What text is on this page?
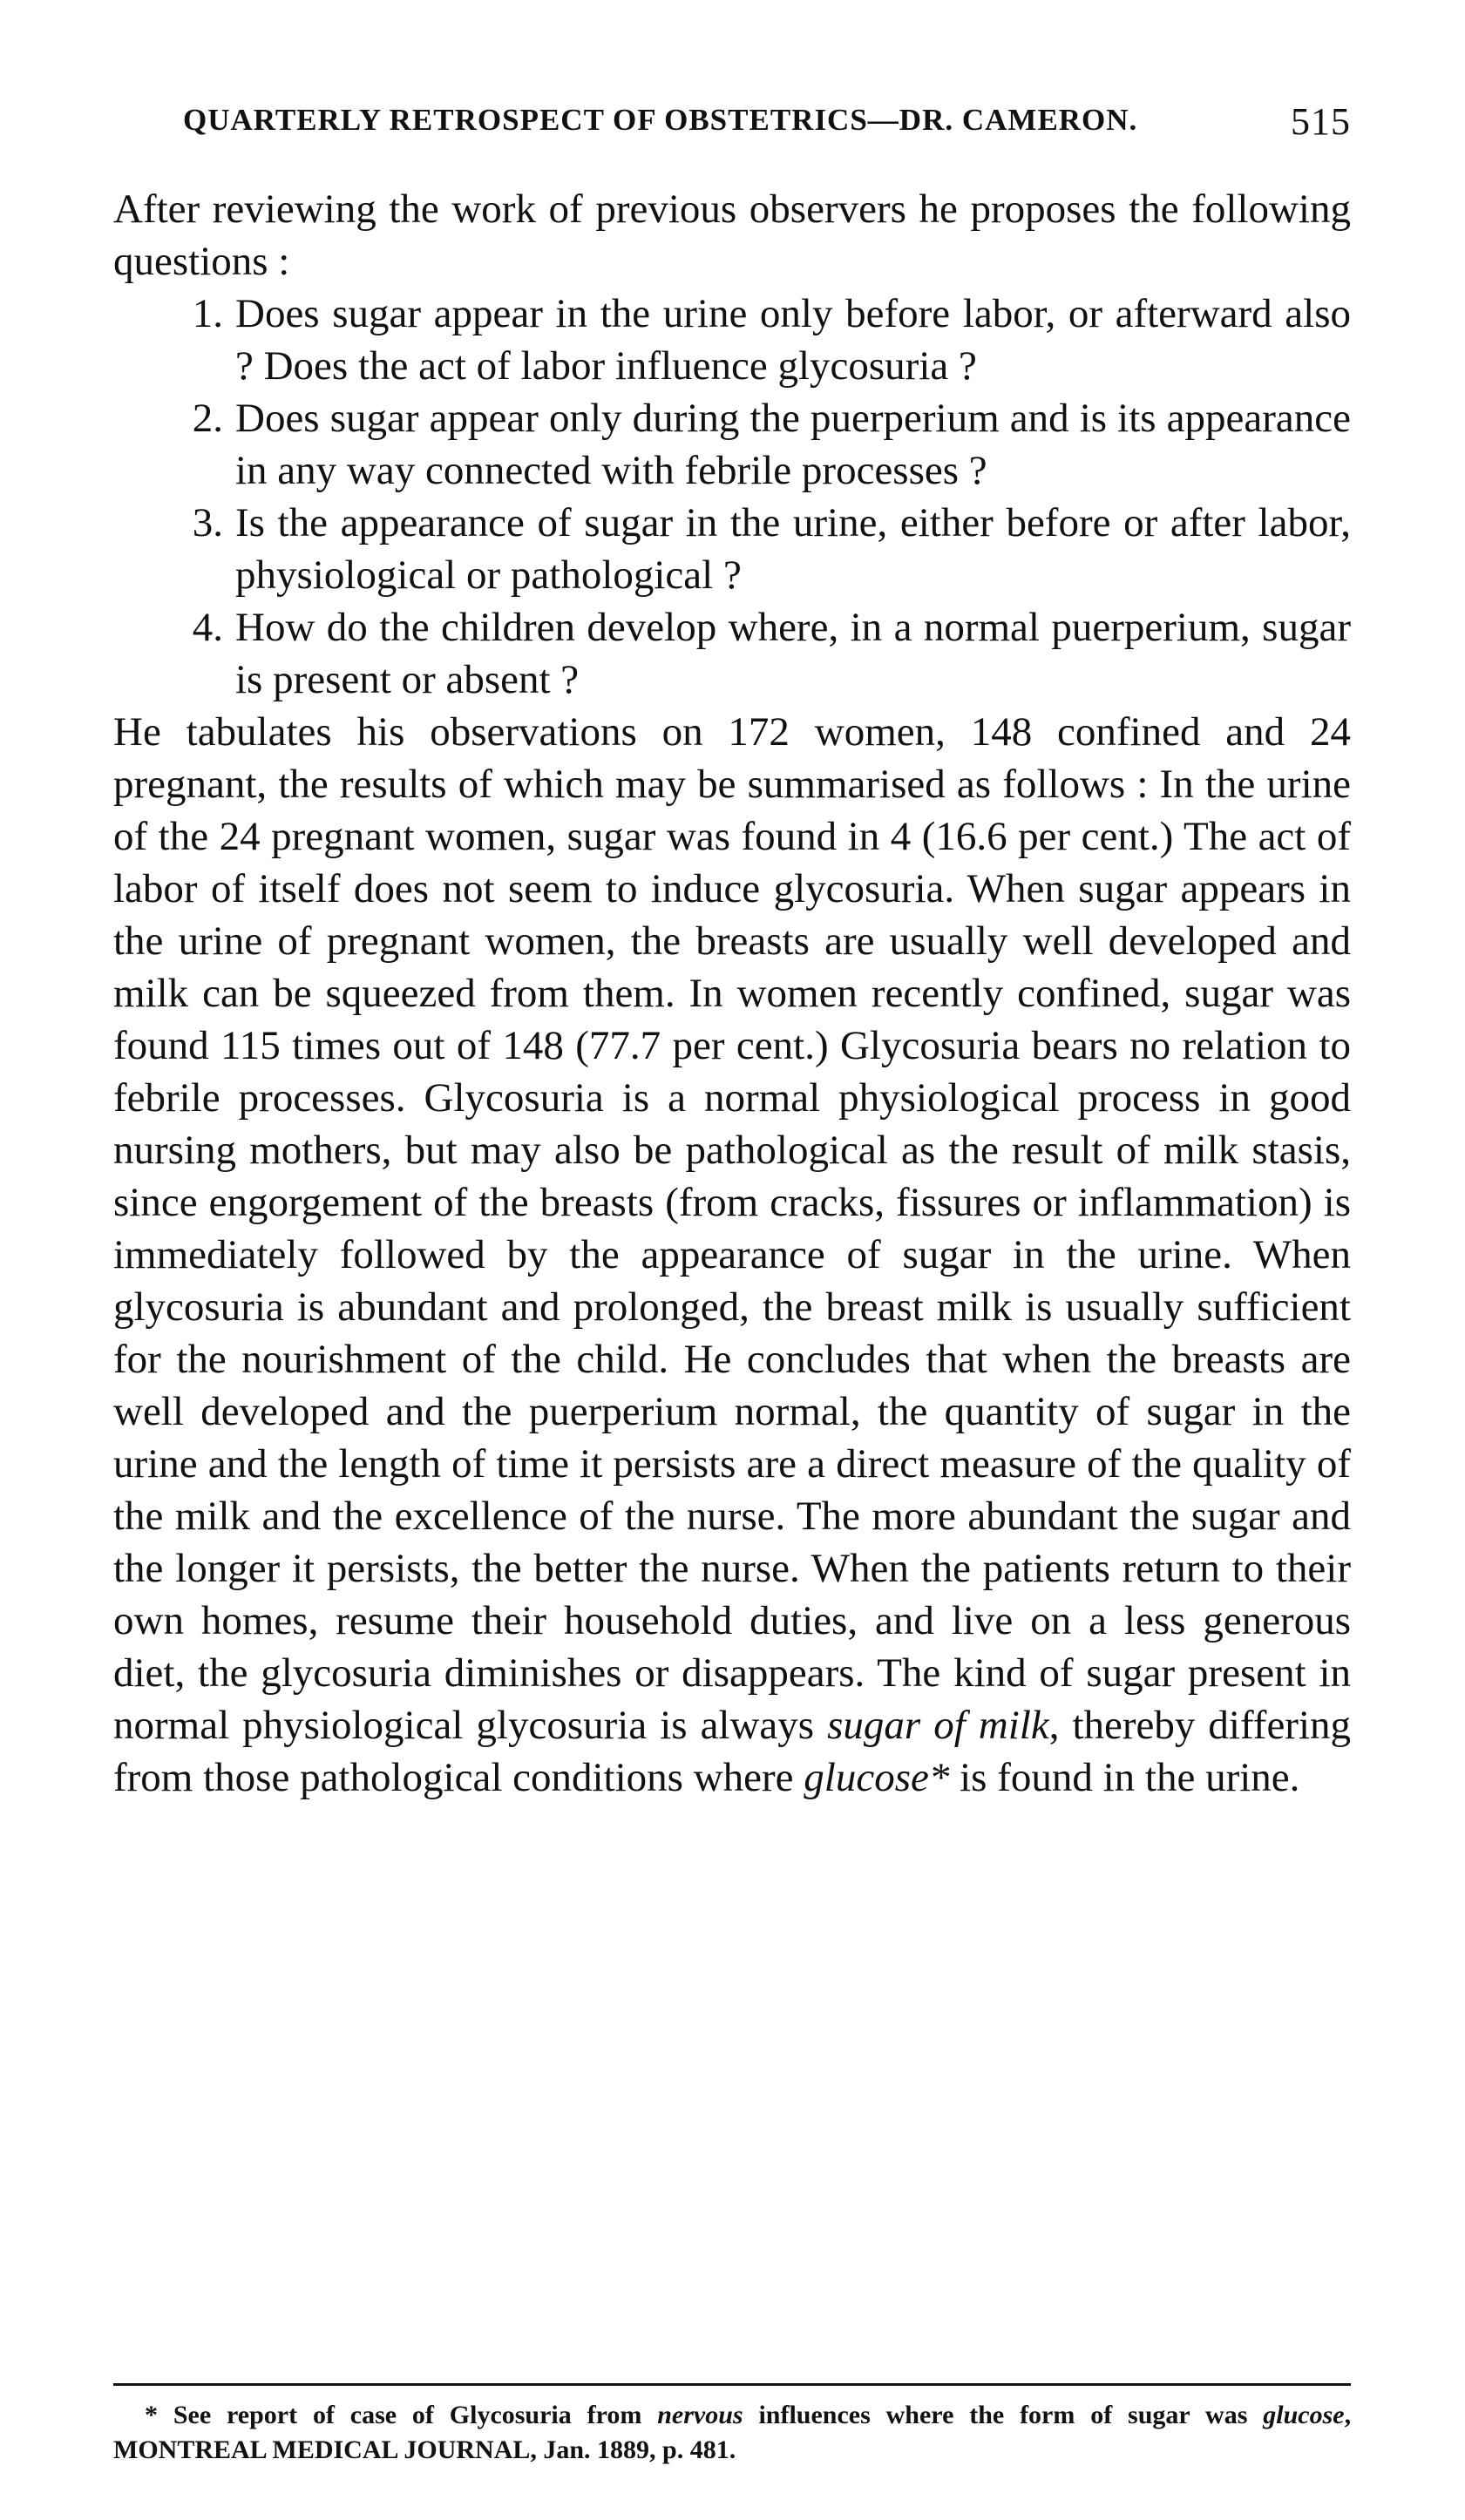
QUARTERLY RETROSPECT OF OBSTETRICS—DR. CAMERON.	515

After reviewing the work of previous observers he proposes the following questions :

1. Does sugar appear in the urine only before labor, or afterward also ? Does the act of labor influence glycosuria ?
2. Does sugar appear only during the puerperium and is its appearance in any way connected with febrile processes ?
3. Is the appearance of sugar in the urine, either before or after labor, physiological or pathological ?
4. How do the children develop where, in a normal puerperium, sugar is present or absent ?

He tabulates his observations on 172 women, 148 confined and 24 pregnant, the results of which may be summarised as follows : In the urine of the 24 pregnant women, sugar was found in 4 (16.6 per cent.) The act of labor of itself does not seem to induce glycosuria. When sugar appears in the urine of pregnant women, the breasts are usually well developed and milk can be squeezed from them. In women recently confined, sugar was found 115 times out of 148 (77.7 per cent.) Glycosuria bears no relation to febrile processes. Glycosuria is a normal physiological process in good nursing mothers, but may also be pathological as the result of milk stasis, since engorgement of the breasts (from cracks, fissures or inflammation) is immediately followed by the appearance of sugar in the urine. When glycosuria is abundant and prolonged, the breast milk is usually sufficient for the nourishment of the child. He concludes that when the breasts are well developed and the puerperium normal, the quantity of sugar in the urine and the length of time it persists are a direct measure of the quality of the milk and the excellence of the nurse. The more abundant the sugar and the longer it persists, the better the nurse. When the patients return to their own homes, resume their household duties, and live on a less generous diet, the glycosuria diminishes or disappears. The kind of sugar present in normal physiological glycosuria is always sugar of milk, thereby differing from those pathological conditions where glucose* is found in the urine.

* See report of case of Glycosuria from nervous influences where the form of sugar was glucose, MONTREAL MEDICAL JOURNAL, Jan. 1889, p. 481.
